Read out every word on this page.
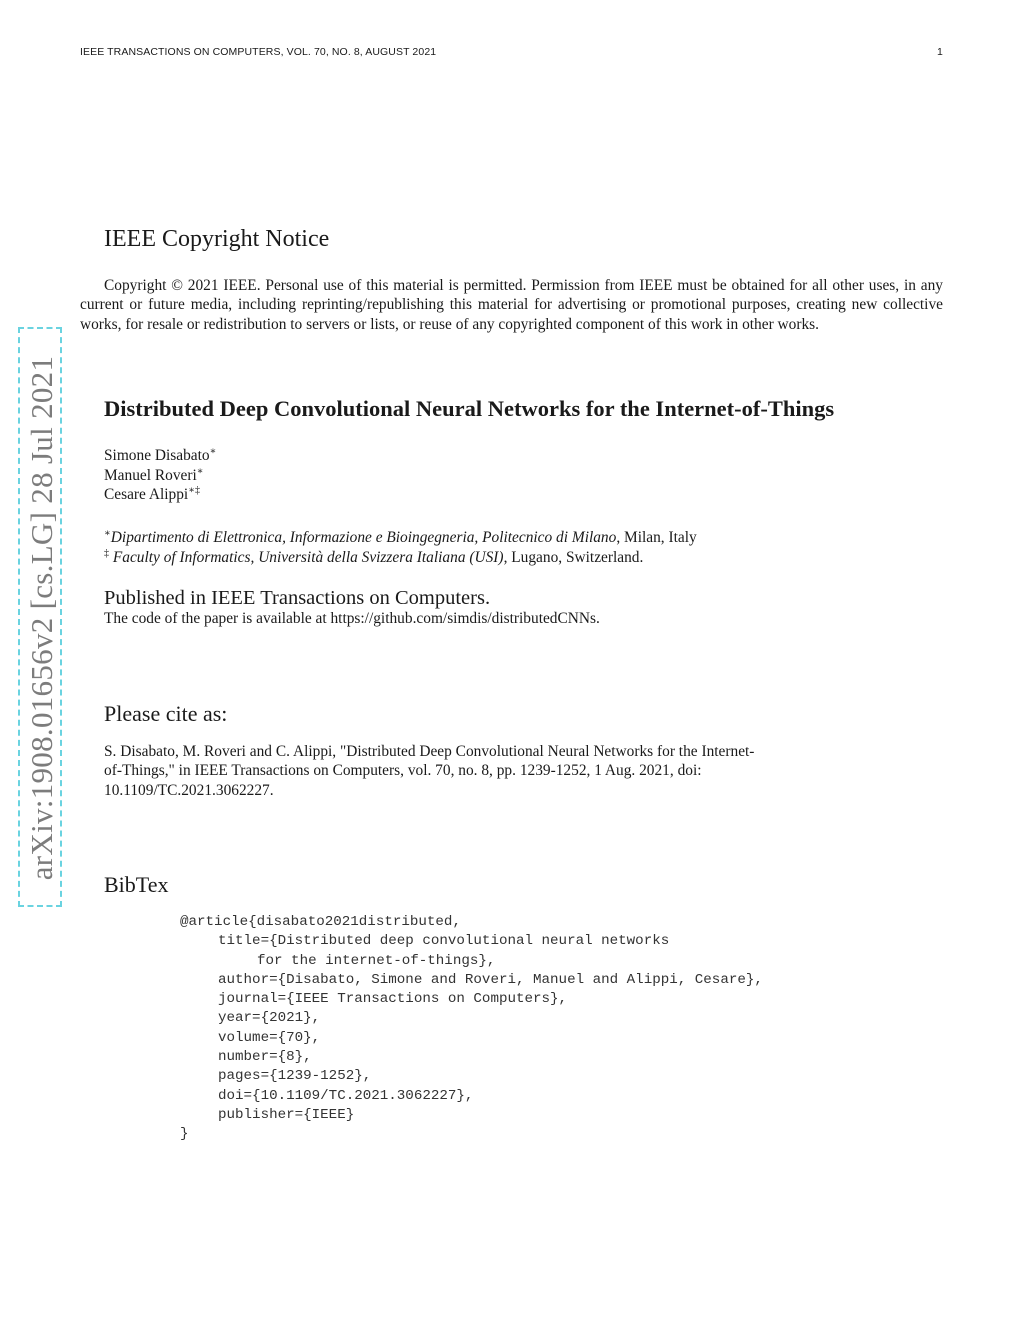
IEEE TRANSACTIONS ON COMPUTERS, VOL. 70, NO. 8, AUGUST 2021	1
arXiv:1908.01656v2 [cs.LG] 28 Jul 2021
IEEE Copyright Notice

Copyright © 2021 IEEE. Personal use of this material is permitted. Permission from IEEE must be obtained for all other uses, in any current or future media, including reprinting/republishing this material for advertising or promotional purposes, creating new collective works, for resale or redistribution to servers or lists, or reuse of any copyrighted component of this work in other works.

Distributed Deep Convolutional Neural Networks for the Internet-of-Things
Simone Disabato∗
Manuel Roveri∗
Cesare Alippi∗‡
∗Dipartimento di Elettronica, Informazione e Bioingegneria, Politecnico di Milano, Milan, Italy
‡ Faculty of Informatics, Università della Svizzera Italiana (USI), Lugano, Switzerland.
Published in IEEE Transactions on Computers.
The code of the paper is available at https://github.com/simdis/distributedCNNs.
Please cite as:
S. Disabato, M. Roveri and C. Alippi, "Distributed Deep Convolutional Neural Networks for the Internet-of-Things," in IEEE Transactions on Computers, vol. 70, no. 8, pp. 1239-1252, 1 Aug. 2021, doi: 10.1109/TC.2021.3062227.
BibTex
@article{disabato2021distributed,
title={Distributed deep convolutional neural networks
for the internet-of-things},
author={Disabato, Simone and Roveri, Manuel and Alippi, Cesare},
journal={IEEE Transactions on Computers},
year={2021},
volume={70},
number={8},
pages={1239-1252},
doi={10.1109/TC.2021.3062227},
publisher={IEEE}
}
